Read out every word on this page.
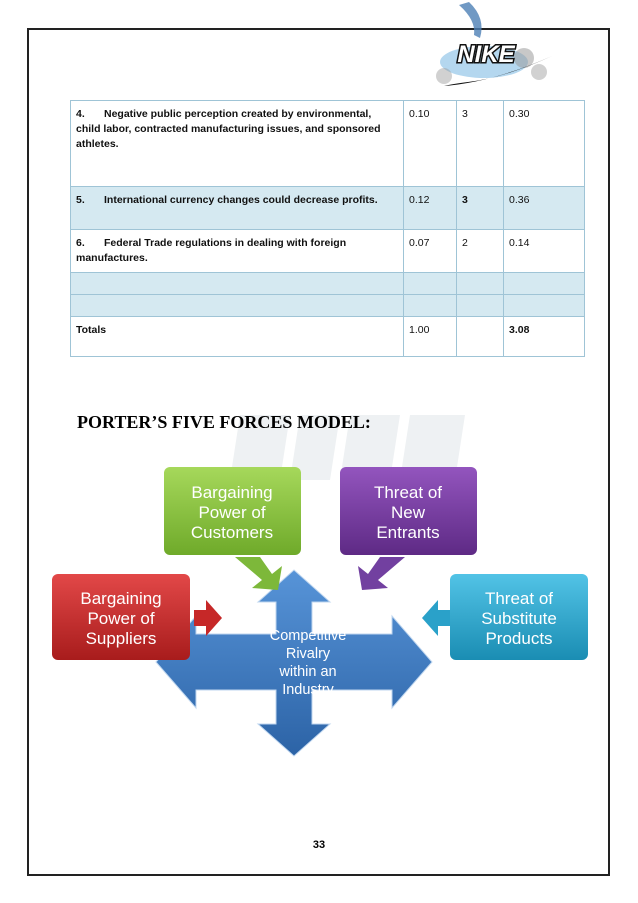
NIKE
4. Negative public perception created by environmental, child labor, contracted manufacturing issues, and sponsored athletes.	0.10	3	0.30
5. International currency changes could decrease profits.	0.12	3	0.36
6. Federal Trade regulations in dealing with foreign manufactures.	0.07	2	0.14

Totals	1.00		3.08
PORTER’S FIVE FORCES MODEL:
Bargaining
Power of
Customers
Threat of
New
Entrants
Bargaining
Power of
Suppliers
Threat of
Substitute
Products
Competitive
Rivalry
within an
Industry
33
